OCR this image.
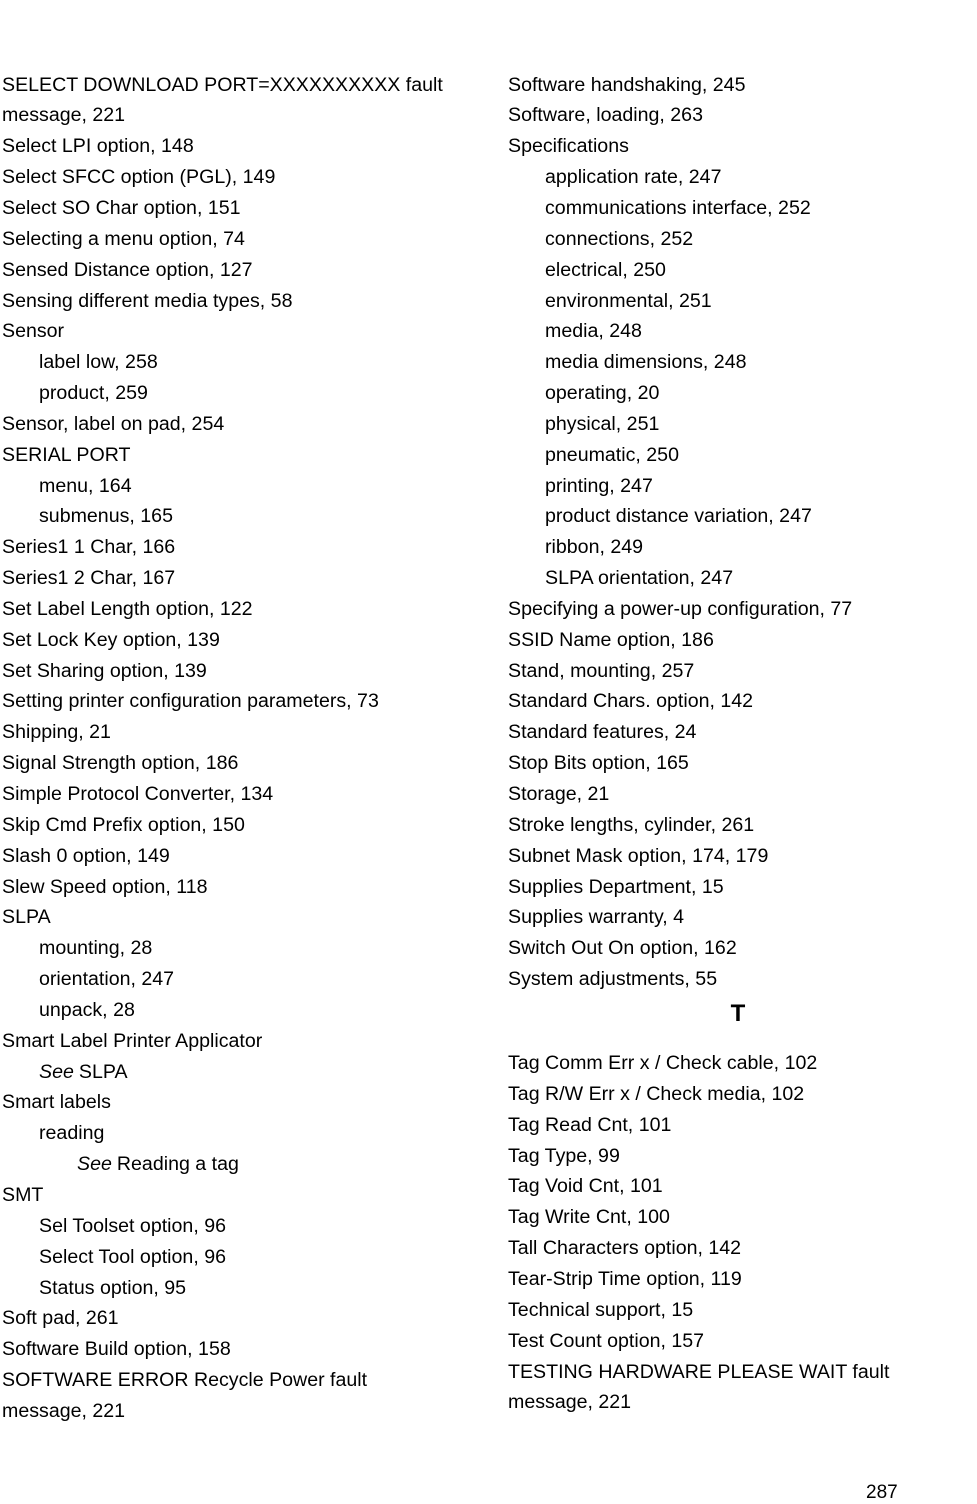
SELECT DOWNLOAD PORT=XXXXXXXXXX fault
message, 221
Select LPI option, 148
Select SFCC option (PGL), 149
Select SO Char option, 151
Selecting a menu option, 74
Sensed Distance option, 127
Sensing different media types, 58
Sensor
label low, 258
product, 259
Sensor, label on pad, 254
SERIAL PORT
menu, 164
submenus, 165
Series1 1 Char, 166
Series1 2 Char, 167
Set Label Length option, 122
Set Lock Key option, 139
Set Sharing option, 139
Setting printer configuration parameters, 73
Shipping, 21
Signal Strength option, 186
Simple Protocol Converter, 134
Skip Cmd Prefix option, 150
Slash 0 option, 149
Slew Speed option, 118
SLPA
mounting, 28
orientation, 247
unpack, 28
Smart Label Printer Applicator
See SLPA
Smart labels
reading
See Reading a tag
SMT
Sel Toolset option, 96
Select Tool option, 96
Status option, 95
Soft pad, 261
Software Build option, 158
SOFTWARE ERROR Recycle Power fault
message, 221
Software handshaking, 245
Software, loading, 263
Specifications
application rate, 247
communications interface, 252
connections, 252
electrical, 250
environmental, 251
media, 248
media dimensions, 248
operating, 20
physical, 251
pneumatic, 250
printing, 247
product distance variation, 247
ribbon, 249
SLPA orientation, 247
Specifying a power-up configuration, 77
SSID Name option, 186
Stand, mounting, 257
Standard Chars. option, 142
Standard features, 24
Stop Bits option, 165
Storage, 21
Stroke lengths, cylinder, 261
Subnet Mask option, 174, 179
Supplies Department, 15
Supplies warranty, 4
Switch Out On option, 162
System adjustments, 55
T
Tag Comm Err x / Check cable, 102
Tag R/W Err x / Check media, 102
Tag Read Cnt, 101
Tag Type, 99
Tag Void Cnt, 101
Tag Write Cnt, 100
Tall Characters option, 142
Tear-Strip Time option, 119
Technical support, 15
Test Count option, 157
TESTING HARDWARE PLEASE WAIT fault
message, 221
287
